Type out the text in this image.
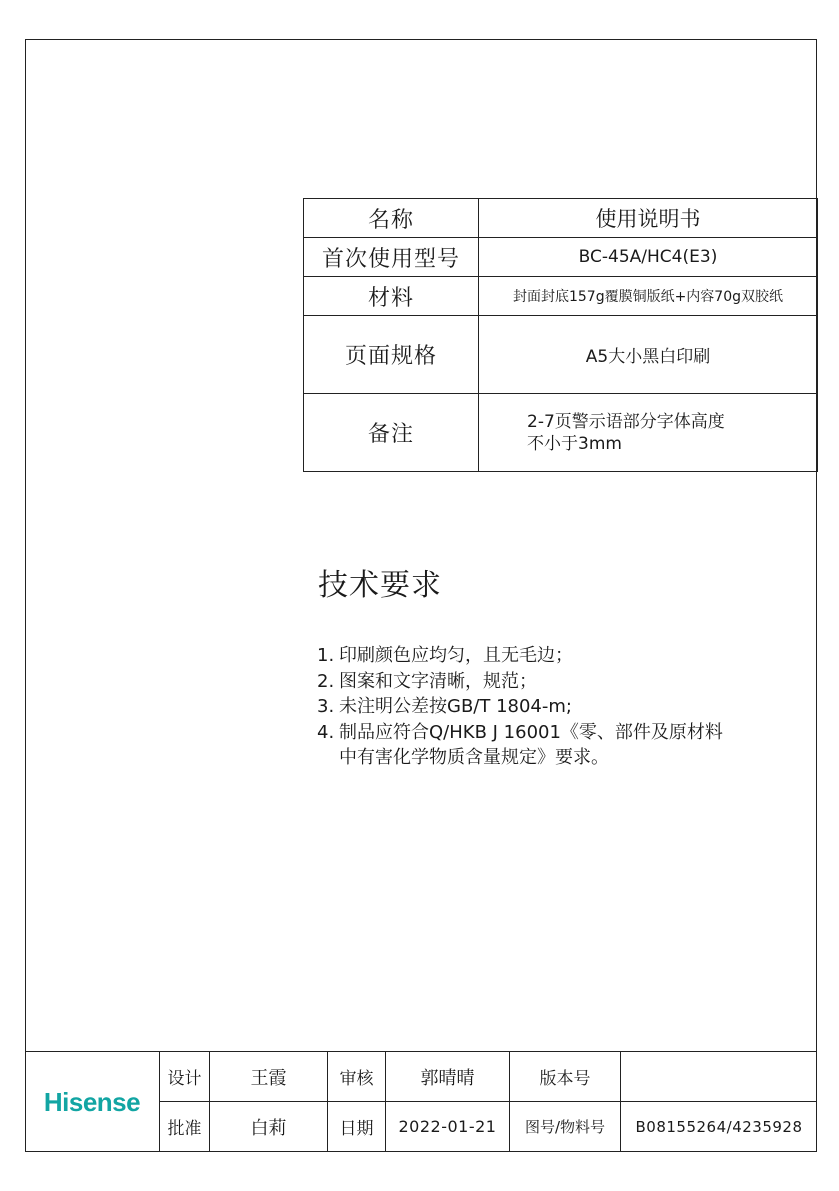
名称	使用说明书
首次使用型号	BC-45A/HC4(E3)
材料	封面封底157g覆膜铜版纸+内容70g双胶纸
页面规格	A5大小黑白印刷
备注	2-7页警示语部分字体高度
不小于3mm
技术要求
1. 印刷颜色应均匀，且无毛边；
2. 图案和文字清晰，规范；
3. 未注明公差按GB/T 1804-m;
4. 制品应符合Q/HKB J 16001《零、部件及原材料
中有害化学物质含量规定》要求。
Hisense
设计	王霞	审核	郭晴晴	版本号	
批准	白莉	日期	2022-01-21	图号/物料号	B08155264/4235928
